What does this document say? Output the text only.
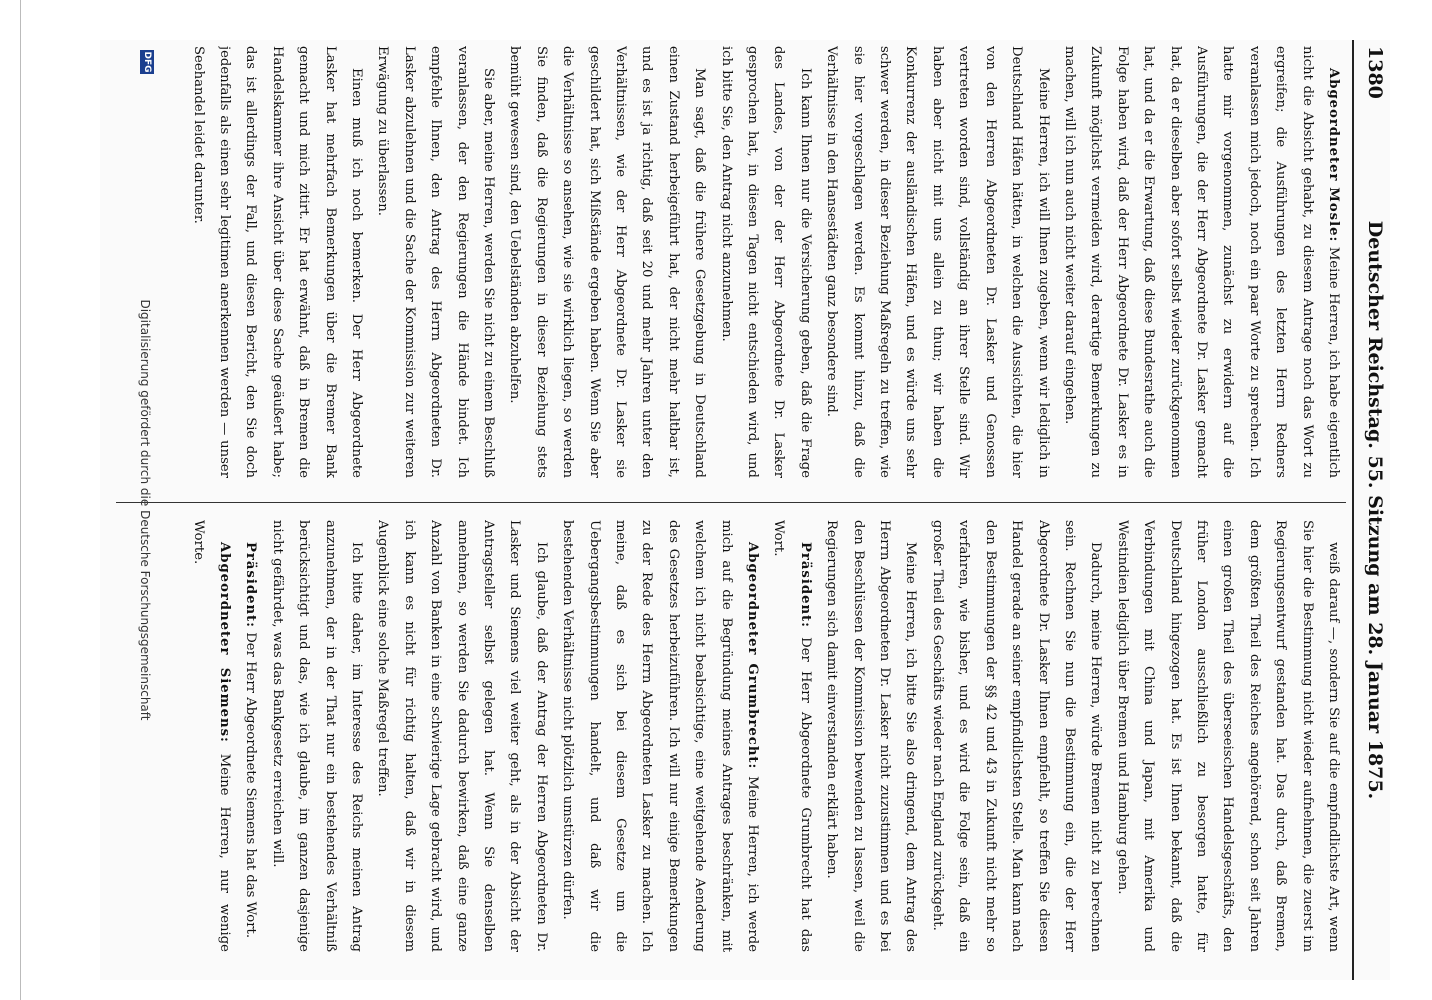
1380
Deutscher Reichstag. 55. Sitzung am 28. Januar 1875.

Abgeordneter Mosle: Meine Herren, ich habe eigentlich nicht die Absicht gehabt, zu diesem Antrage noch das Wort zu ergreifen; die Ausführungen des letzten Herrn Redners veranlassen mich jedoch, noch ein paar Worte zu sprechen. Ich hatte mir vorgenommen, zunächst zu erwidern auf die Ausführungen, die der Herr Abgeordnete Dr. Lasker gemacht hat, da er dieselben aber sofort selbst wieder zurückgenommen hat, und da er die Erwartung, daß diese Bundesrathe auch die Folge haben wird, daß der Herr Abgeordnete Dr. Lasker es in Zukunft möglichst vermeiden wird, derartige Bemerkungen zu machen, will ich nun auch nicht weiter darauf eingehen.

Meine Herren, ich will Ihnen zugeben, wenn wir lediglich in Deutschland Häfen hätten, in welchen die Aussichten, die hier von den Herren Abgeordneten Dr. Lasker und Genossen vertreten worden sind, vollständig an ihrer Stelle sind. Wir haben aber nicht mit uns allein zu thun; wir haben die Konkurrenz der ausländischen Häfen, und es würde uns sehr schwer werden, in dieser Beziehung Maßregeln zu treffen, wie sie hier vorgeschlagen werden. Es kommt hinzu, daß die Verhältnisse in den Hansestädten ganz besondere sind.

Ich kann Ihnen nur die Versicherung geben, daß die Frage des Landes, von der der Herr Abgeordnete Dr. Lasker gesprochen hat, in diesen Tagen nicht entschieden wird, und ich bitte Sie, den Antrag nicht anzunehmen.

Man sagt, daß die frühere Gesetzgebung in Deutschland einen Zustand herbeigeführt hat, der nicht mehr haltbar ist, und es ist ja richtig, daß seit 20 und mehr Jahren unter den Verhältnissen, wie der Herr Abgeordnete Dr. Lasker sie geschildert hat, sich Mißstände ergeben haben. Wenn Sie aber die Verhältnisse so ansehen, wie sie wirklich liegen, so werden Sie finden, daß die Regierungen in dieser Beziehung stets bemüht gewesen sind, den Uebelständen abzuhelfen.

Sie aber, meine Herren, werden Sie nicht zu einem Beschluß veranlassen, der den Regierungen die Hände bindet. Ich empfehle Ihnen, den Antrag des Herrn Abgeordneten Dr. Lasker abzulehnen und die Sache der Kommission zur weiteren Erwägung zu überlassen.

Einen muß ich noch bemerken. Der Herr Abgeordnete Lasker hat mehrfach Bemerkungen über die Bremer Bank gemacht und mich zitirt. Er hat erwähnt, daß in Bremen die Handelskammer ihre Ansicht über diese Sache geäußert habe; das ist allerdings der Fall, und diesen Bericht, den Sie doch jedenfalls als einen sehr legitimen anerkennen werden — unser Seehandel leidet darunter.

weiß darauf —, sondern Sie auf die empfindlichste Art, wenn Sie hier die Bestimmung nicht wieder aufnehmen, die zuerst im Regierungsentwurf gestanden hat. Das durch, daß Bremen, dem größten Theil des Reiches angehörend, schon seit Jahren einen großen Theil des überseeischen Handelsgeschäfts, den früher London ausschließlich zu besorgen hatte, für Deutschland hingezogen hat. Es ist Ihnen bekannt, daß die Verbindungen mit China und Japan, mit Amerika und Westindien lediglich über Bremen und Hamburg gehen.

Dadurch, meine Herren, würde Bremen nicht zu berechnen sein. Rechnen Sie nun die Bestimmung ein, die der Herr Abgeordnete Dr. Lasker Ihnen empfiehlt, so treffen Sie diesen Handel gerade an seiner empfindlichsten Stelle. Man kann nach den Bestimmungen der §§ 42 und 43 in Zukunft nicht mehr so verfahren, wie bisher, und es wird die Folge sein, daß ein großer Theil des Geschäfts wieder nach England zurückgeht.

Meine Herren, ich bitte Sie also dringend, dem Antrag des Herrn Abgeordneten Dr. Lasker nicht zuzustimmen und es bei den Beschlüssen der Kommission bewenden zu lassen, weil die Regierungen sich damit einverstanden erklärt haben.

Präsident: Der Herr Abgeordnete Grumbrecht hat das Wort.

Abgeordneter Grumbrecht: Meine Herren, ich werde mich auf die Begründung meines Antrages beschränken, mit welchem ich nicht beabsichtige, eine weitgehende Aenderung des Gesetzes herbeizuführen. Ich will nur einige Bemerkungen zu der Rede des Herrn Abgeordneten Lasker zu machen. Ich meine, daß es sich bei diesem Gesetze um die Uebergangsbestimmungen handelt, und daß wir die bestehenden Verhältnisse nicht plötzlich umstürzen dürfen.

Ich glaube, daß der Antrag der Herren Abgeordneten Dr. Lasker und Siemens viel weiter geht, als in der Absicht der Antragsteller selbst gelegen hat. Wenn Sie denselben annehmen, so werden Sie dadurch bewirken, daß eine ganze Anzahl von Banken in eine schwierige Lage gebracht wird, und ich kann es nicht für richtig halten, daß wir in diesem Augenblick eine solche Maßregel treffen.

Ich bitte daher, im Interesse des Reichs meinen Antrag anzunehmen, der in der That nur ein bestehendes Verhältniß berücksichtigt und das, wie ich glaube, im ganzen dasjenige nicht gefährdet, was das Bankgesetz erreichen will.

Präsident: Der Herr Abgeordnete Siemens hat das Wort.

Abgeordneter Siemens: Meine Herren, nur wenige Worte.

DFG
Digitalisierung gefördert durch die Deutsche Forschungsgemeinschaft
